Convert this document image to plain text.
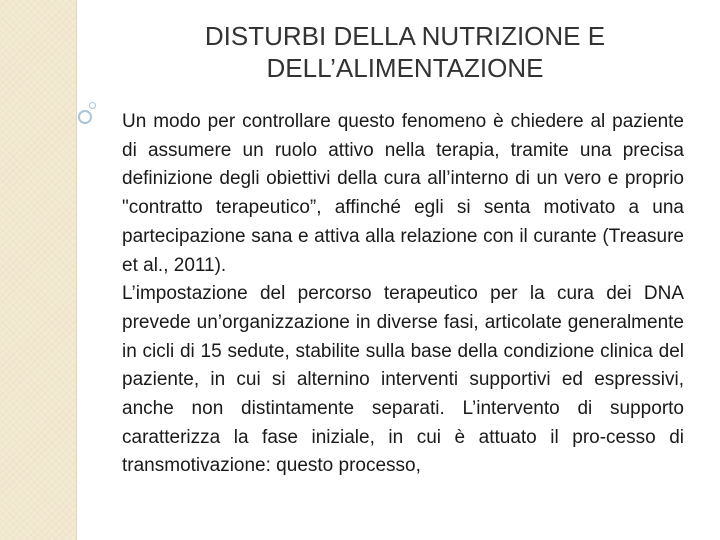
DISTURBI DELLA NUTRIZIONE E
DELL’ALIMENTAZIONE

Un modo per controllare questo fenomeno è chiedere al paziente di assumere un ruolo attivo nella terapia, tramite una precisa definizione degli obiettivi della cura all’interno di un vero e proprio "contratto terapeutico”, affinché egli si senta motivato a una partecipazione sana e attiva alla relazione con il curante (Treasure et al., 2011).

L’impostazione del percorso terapeutico per la cura dei DNA prevede un’organizzazione in diverse fasi, articolate generalmente in cicli di 15 sedute, stabilite sulla base della condizione clinica del paziente, in cui si alternino interventi supportivi ed espressivi, anche non distintamente separati. L’intervento di supporto caratterizza la fase iniziale, in cui è attuato il pro-cesso di transmotivazione: questo processo,
